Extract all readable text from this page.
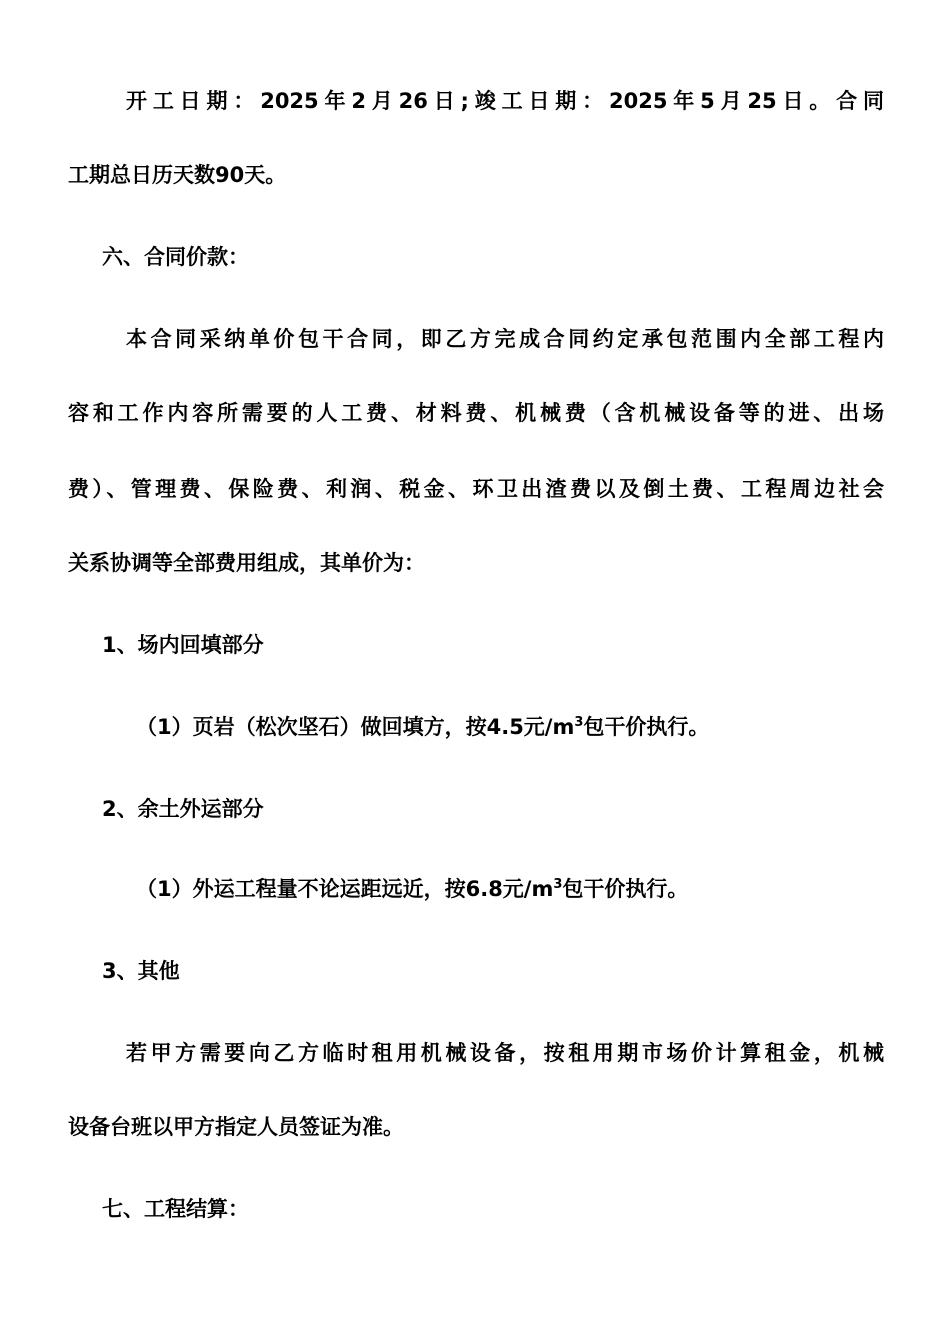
开工日期：2025年2月26日;竣工日期：2025年5月25日。合同
工期总日历天数90天。
六、合同价款：
本合同采纳单价包干合同，即乙方完成合同约定承包范围内全部工程内
容和工作内容所需要的人工费、材料费、机械费（含机械设备等的进、出场
费）、管理费、保险费、利润、税金、环卫出渣费以及倒土费、工程周边社会
关系协调等全部费用组成，其单价为：
1、场内回填部分
（1）页岩（松次坚石）做回填方，按4.5元$/m^3$包干价执行。
2、余土外运部分
（1）外运工程量不论运距远近，按6.8元$/m^3$包干价执行。
3、其他
若甲方需要向乙方临时租用机械设备，按租用期市场价计算租金，机械
设备台班以甲方指定人员签证为准。
七、工程结算：
